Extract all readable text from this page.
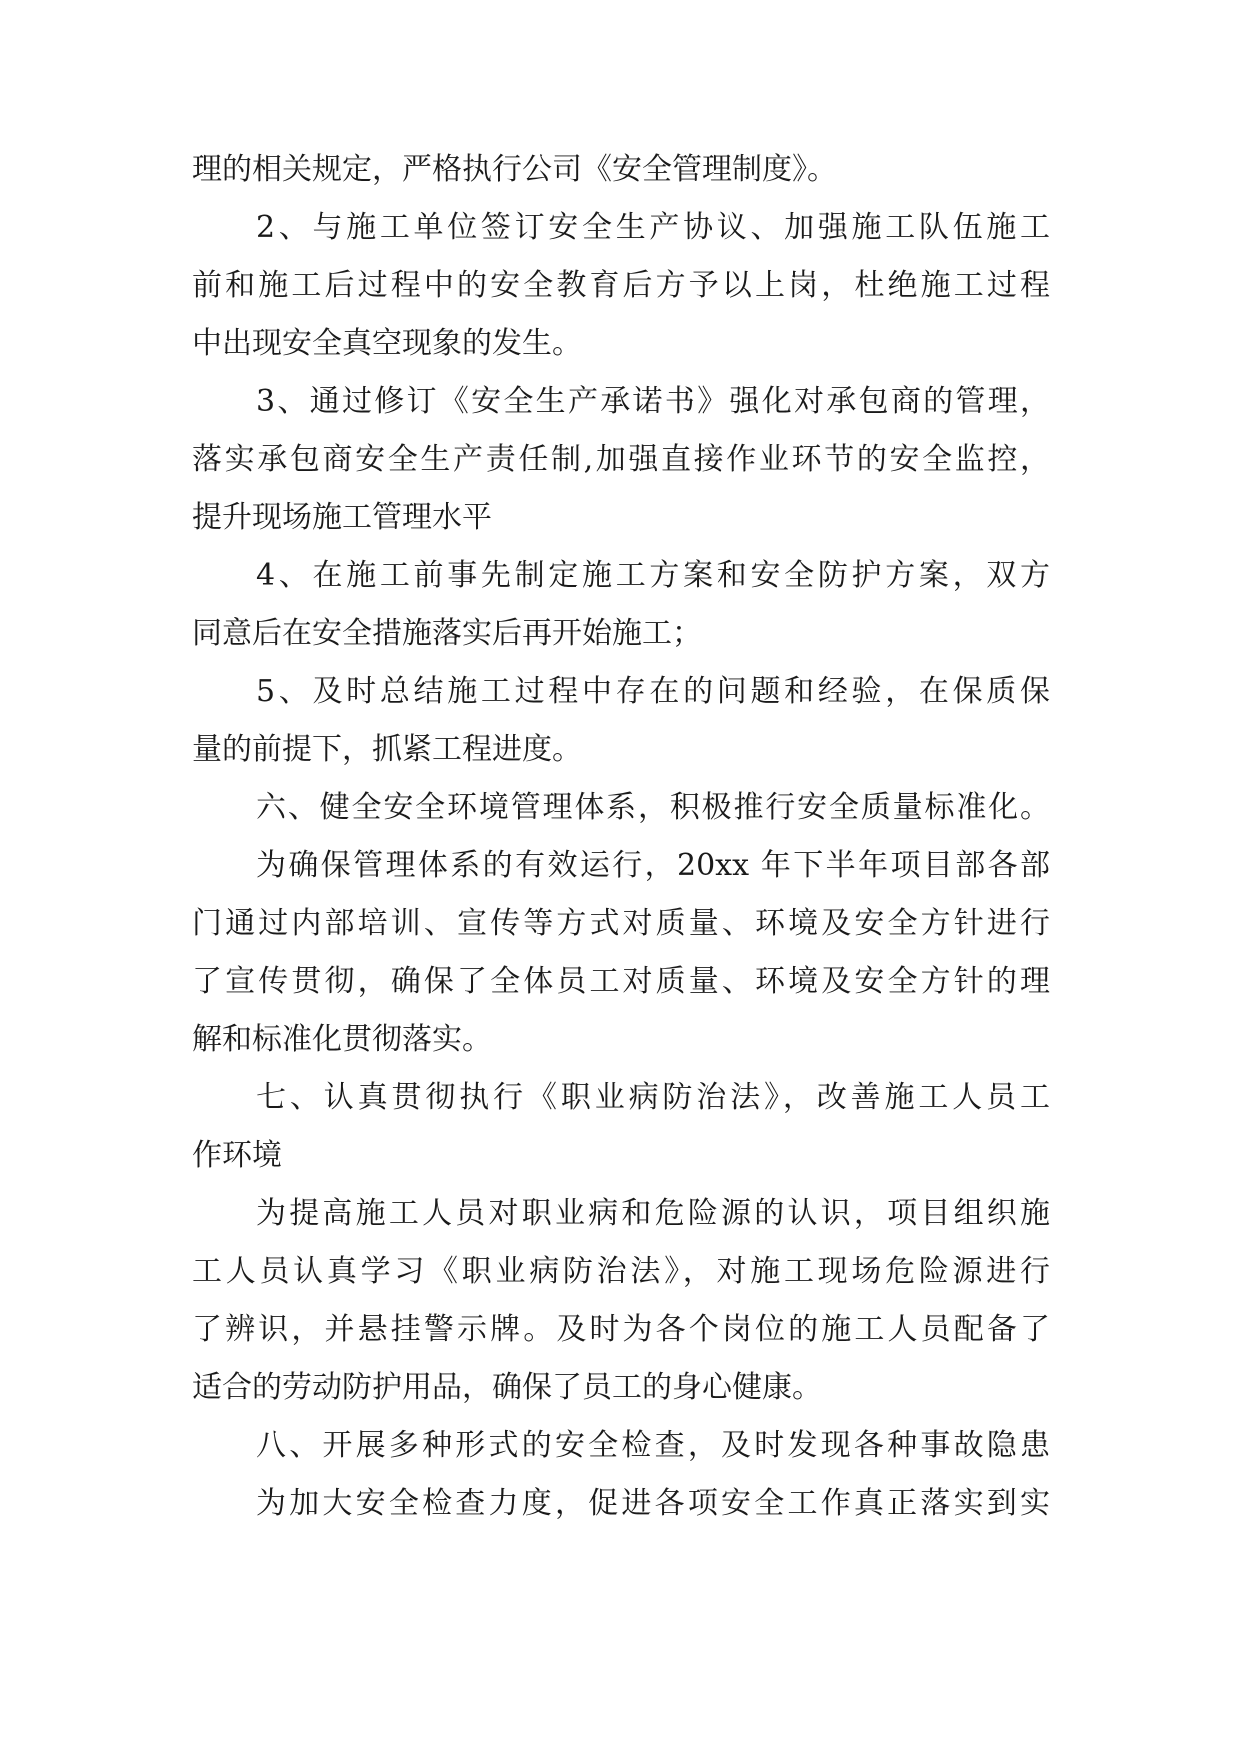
理的相关规定，严格执行公司《安全管理制度》。

2、与施工单位签订安全生产协议、加强施工队伍施工

前和施工后过程中的安全教育后方予以上岗，杜绝施工过程

中出现安全真空现象的发生。

3、通过修订《安全生产承诺书》强化对承包商的管理，

落实承包商安全生产责任制,加强直接作业环节的安全监控，

提升现场施工管理水平

4、在施工前事先制定施工方案和安全防护方案，双方

同意后在安全措施落实后再开始施工；

5、及时总结施工过程中存在的问题和经验，在保质保

量的前提下，抓紧工程进度。

六、健全安全环境管理体系，积极推行安全质量标准化。

为确保管理体系的有效运行，20xx 年下半年项目部各部

门通过内部培训、宣传等方式对质量、环境及安全方针进行

了宣传贯彻，确保了全体员工对质量、环境及安全方针的理

解和标准化贯彻落实。

七、认真贯彻执行《职业病防治法》，改善施工人员工

作环境

为提高施工人员对职业病和危险源的认识，项目组织施

工人员认真学习《职业病防治法》，对施工现场危险源进行

了辨识，并悬挂警示牌。及时为各个岗位的施工人员配备了

适合的劳动防护用品，确保了员工的身心健康。

八、开展多种形式的安全检查，及时发现各种事故隐患

为加大安全检查力度，促进各项安全工作真正落实到实
